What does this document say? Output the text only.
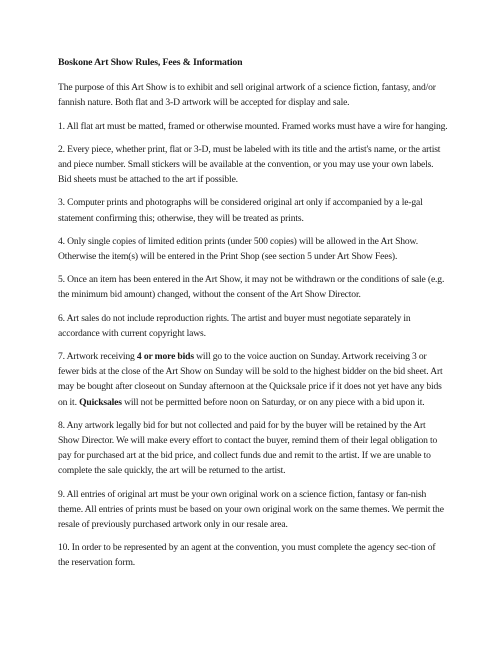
Boskone Art Show Rules, Fees & Information

The purpose of this Art Show is to exhibit and sell original artwork of a science fiction, fantasy, and/or fannish nature. Both flat and 3-D artwork will be accepted for display and sale.

1. All flat art must be matted, framed or otherwise mounted. Framed works must have a wire for hanging.

2. Every piece, whether print, flat or 3-D, must be labeled with its title and the artist's name, or the artist and piece number. Small stickers will be available at the convention, or you may use your own labels. Bid sheets must be attached to the art if possible.

3. Computer prints and photographs will be considered original art only if accompanied by a le-gal statement confirming this; otherwise, they will be treated as prints.

4. Only single copies of limited edition prints (under 500 copies) will be allowed in the Art Show. Otherwise the item(s) will be entered in the Print Shop (see section 5 under Art Show Fees).

5. Once an item has been entered in the Art Show, it may not be withdrawn or the conditions of sale (e.g. the minimum bid amount) changed, without the consent of the Art Show Director.

6. Art sales do not include reproduction rights. The artist and buyer must negotiate separately in accordance with current copyright laws.

7. Artwork receiving 4 or more bids will go to the voice auction on Sunday. Artwork receiving 3 or fewer bids at the close of the Art Show on Sunday will be sold to the highest bidder on the bid sheet. Art may be bought after closeout on Sunday afternoon at the Quicksale price if it does not yet have any bids on it. Quicksales will not be permitted before noon on Saturday, or on any piece with a bid upon it.

8. Any artwork legally bid for but not collected and paid for by the buyer will be retained by the Art Show Director. We will make every effort to contact the buyer, remind them of their legal obligation to pay for purchased art at the bid price, and collect funds due and remit to the artist. If we are unable to complete the sale quickly, the art will be returned to the artist.

9. All entries of original art must be your own original work on a science fiction, fantasy or fan-nish theme. All entries of prints must be based on your own original work on the same themes. We permit the resale of previously purchased artwork only in our resale area.

10. In order to be represented by an agent at the convention, you must complete the agency sec-tion of the reservation form.
